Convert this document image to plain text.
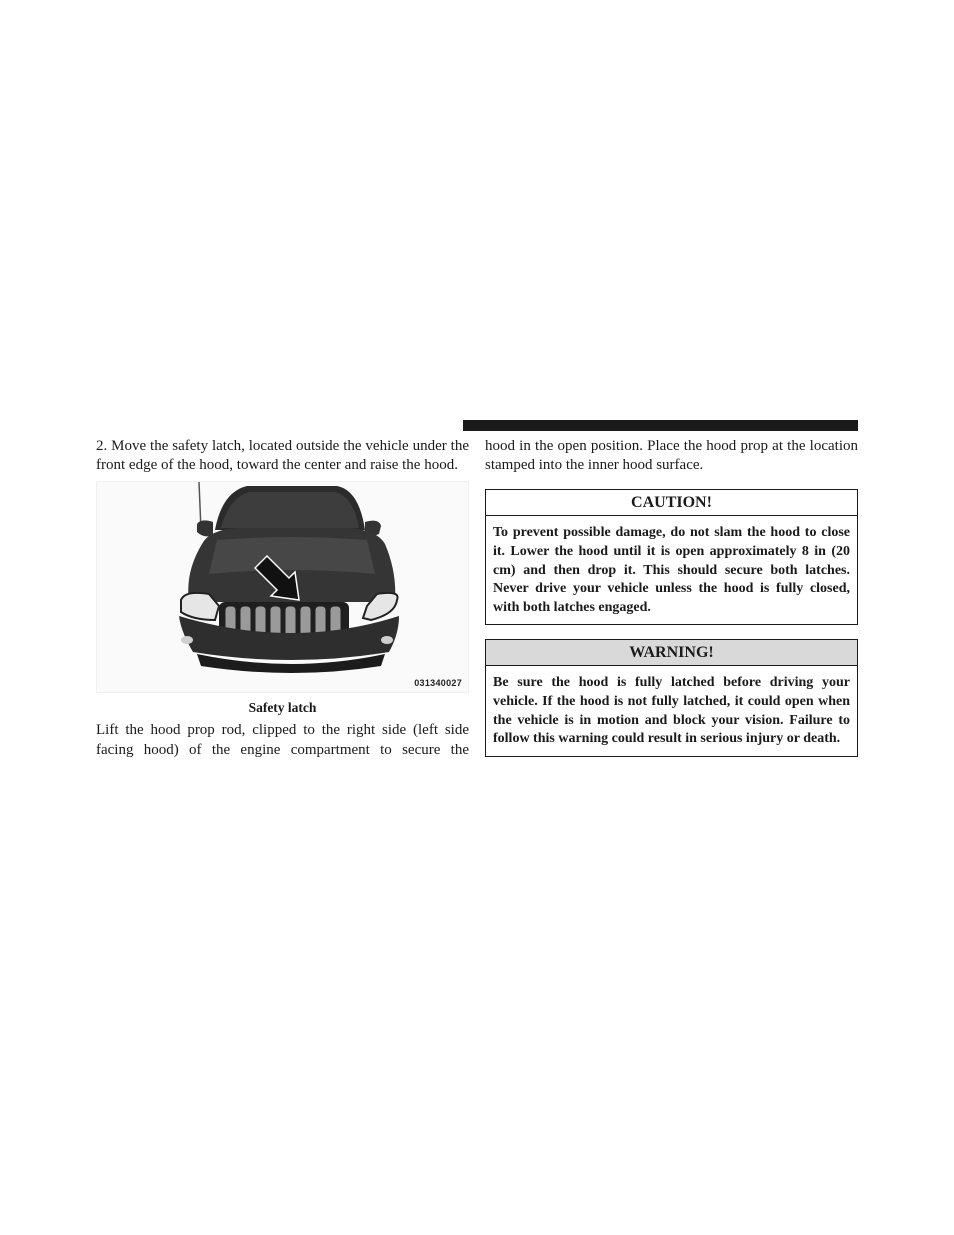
2. Move the safety latch, located outside the vehicle under the front edge of the hood, toward the center and raise the hood.

031340027
Safety latch

Lift the hood prop rod, clipped to the right side (left side facing hood) of the engine compartment to secure the

hood in the open position. Place the hood prop at the location stamped into the inner hood surface.

CAUTION!
To prevent possible damage, do not slam the hood to close it. Lower the hood until it is open approximately 8 in (20 cm) and then drop it. This should secure both latches. Never drive your vehicle unless the hood is fully closed, with both latches engaged.
WARNING!
Be sure the hood is fully latched before driving your vehicle. If the hood is not fully latched, it could open when the vehicle is in motion and block your vision. Failure to follow this warning could result in serious injury or death.
